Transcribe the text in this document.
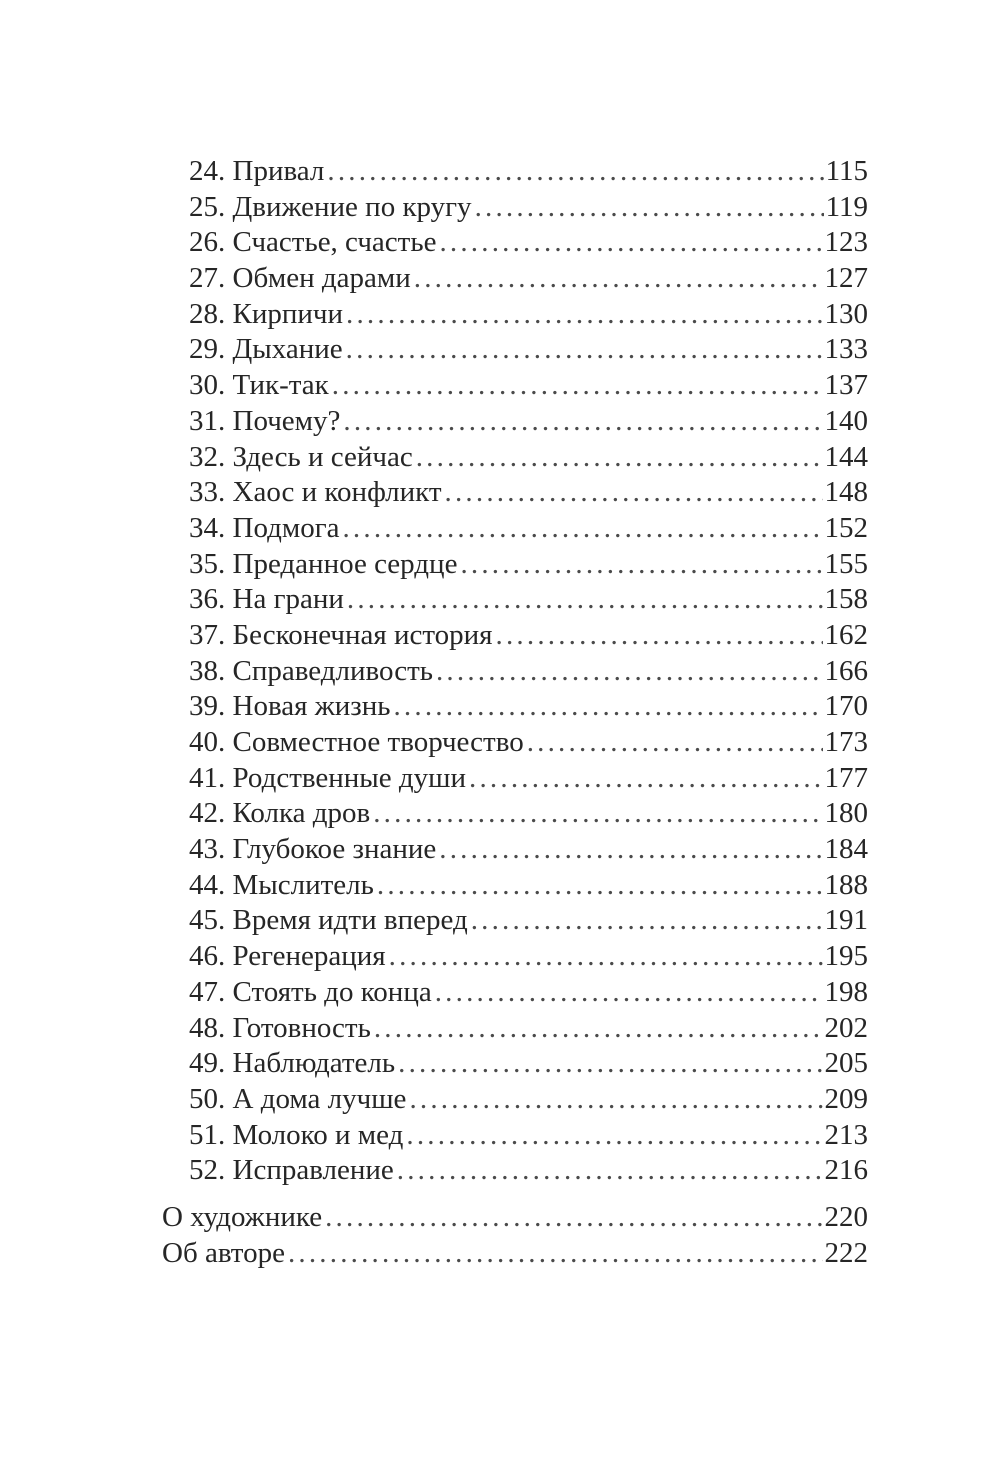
24. Привал .....	115
25. Движение по кругу .....	119
26. Счастье, счастье .....	123
27. Обмен дарами .....	127
28. Кирпичи .....	130
29. Дыхание .....	133
30. Тик-так .....	137
31. Почему? .....	140
32. Здесь и сейчас .....	144
33. Хаос и конфликт .....	148
34. Подмога .....	152
35. Преданное сердце .....	155
36. На грани .....	158
37. Бесконечная история .....	162
38. Справедливость .....	166
39. Новая жизнь .....	170
40. Совместное творчество .....	173
41. Родственные души .....	177
42. Колка дров .....	180
43. Глубокое знание .....	184
44. Мыслитель .....	188
45. Время идти вперед .....	191
46. Регенерация .....	195
47. Стоять до конца .....	198
48. Готовность .....	202
49. Наблюдатель .....	205
50. А дома лучше .....	209
51. Молоко и мед .....	213
52. Исправление .....	216
О художнике .....	220
Об авторе .....	222
